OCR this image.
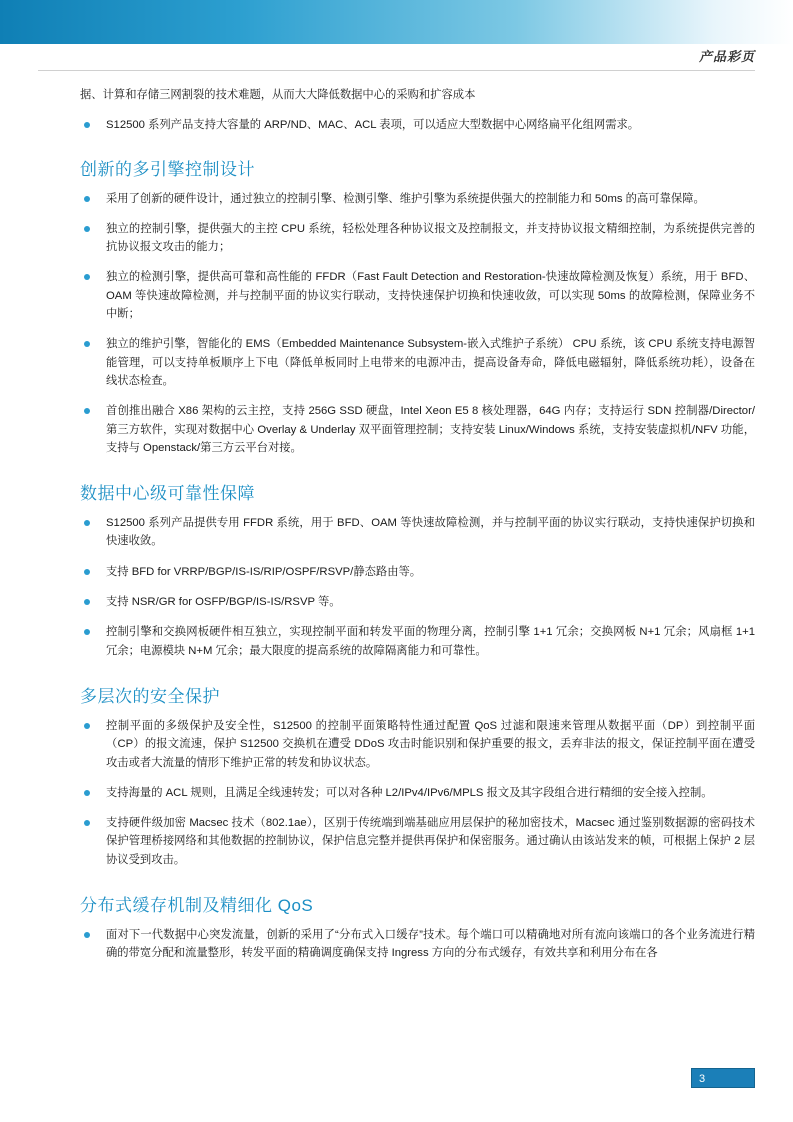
产品彩页

据、计算和存储三网割裂的技术难题，从而大大降低数据中心的采购和扩容成本

S12500 系列产品支持大容量的 ARP/ND、MAC、ACL 表项，可以适应大型数据中心网络扁平化组网需求。
创新的多引擎控制设计
采用了创新的硬件设计，通过独立的控制引擎、检测引擎、维护引擎为系统提供强大的控制能力和 50ms 的高可靠保障。
独立的控制引擎，提供强大的主控 CPU 系统，轻松处理各种协议报文及控制报文，并支持协议报文精细控制，为系统提供完善的抗协议报文攻击的能力；
独立的检测引擎，提供高可靠和高性能的 FFDR（Fast Fault Detection and Restoration-快速故障检测及恢复）系统，用于 BFD、OAM 等快速故障检测，并与控制平面的协议实行联动，支持快速保护切换和快速收敛，可以实现 50ms 的故障检测，保障业务不中断；
独立的维护引擎，智能化的 EMS（Embedded Maintenance Subsystem-嵌入式维护子系统） CPU 系统，该 CPU 系统支持电源智能管理，可以支持单板顺序上下电（降低单板同时上电带来的电源冲击，提高设备寿命，降低电磁辐射，降低系统功耗），设备在线状态检查。
首创推出融合 X86 架构的云主控，支持 256G SSD 硬盘，Intel Xeon E5 8 核处理器，64G 内存；支持运行 SDN 控制器/Director/第三方软件，实现对数据中心 Overlay & Underlay 双平面管理控制；支持安装 Linux/Windows 系统，支持安装虚拟机/NFV 功能，支持与 Openstack/第三方云平台对接。
数据中心级可靠性保障
S12500 系列产品提供专用 FFDR 系统，用于 BFD、OAM 等快速故障检测，并与控制平面的协议实行联动，支持快速保护切换和快速收敛。
支持 BFD for VRRP/BGP/IS-IS/RIP/OSPF/RSVP/静态路由等。
支持 NSR/GR for OSFP/BGP/IS-IS/RSVP 等。
控制引擎和交换网板硬件相互独立，实现控制平面和转发平面的物理分离，控制引擎 1+1 冗余；交换网板 N+1 冗余；风扇框 1+1 冗余；电源模块 N+M 冗余；最大限度的提高系统的故障隔离能力和可靠性。
多层次的安全保护
控制平面的多级保护及安全性，S12500 的控制平面策略特性通过配置 QoS 过滤和限速来管理从数据平面（DP）到控制平面（CP）的报文流速，保护 S12500 交换机在遭受 DDoS 攻击时能识别和保护重要的报文，丢弃非法的报文，保证控制平面在遭受攻击或者大流量的情形下维护正常的转发和协议状态。
支持海量的 ACL 规则，且满足全线速转发；可以对各种 L2/IPv4/IPv6/MPLS 报文及其字段组合进行精细的安全接入控制。
支持硬件级加密 Macsec 技术（802.1ae），区别于传统端到端基础应用层保护的秘加密技术，Macsec 通过鉴别数据源的密码技术保护管理桥接网络和其他数据的控制协议，保护信息完整并提供再保护和保密服务。通过确认由该站发来的帧，可根据上保护 2 层协议受到攻击。
分布式缓存机制及精细化 QoS
面对下一代数据中心突发流量，创新的采用了“分布式入口缓存”技术。每个端口可以精确地对所有流向该端口的各个业务流进行精确的带宽分配和流量整形，转发平面的精确调度确保支持 Ingress 方向的分布式缓存，有效共享和利用分布在各
3
